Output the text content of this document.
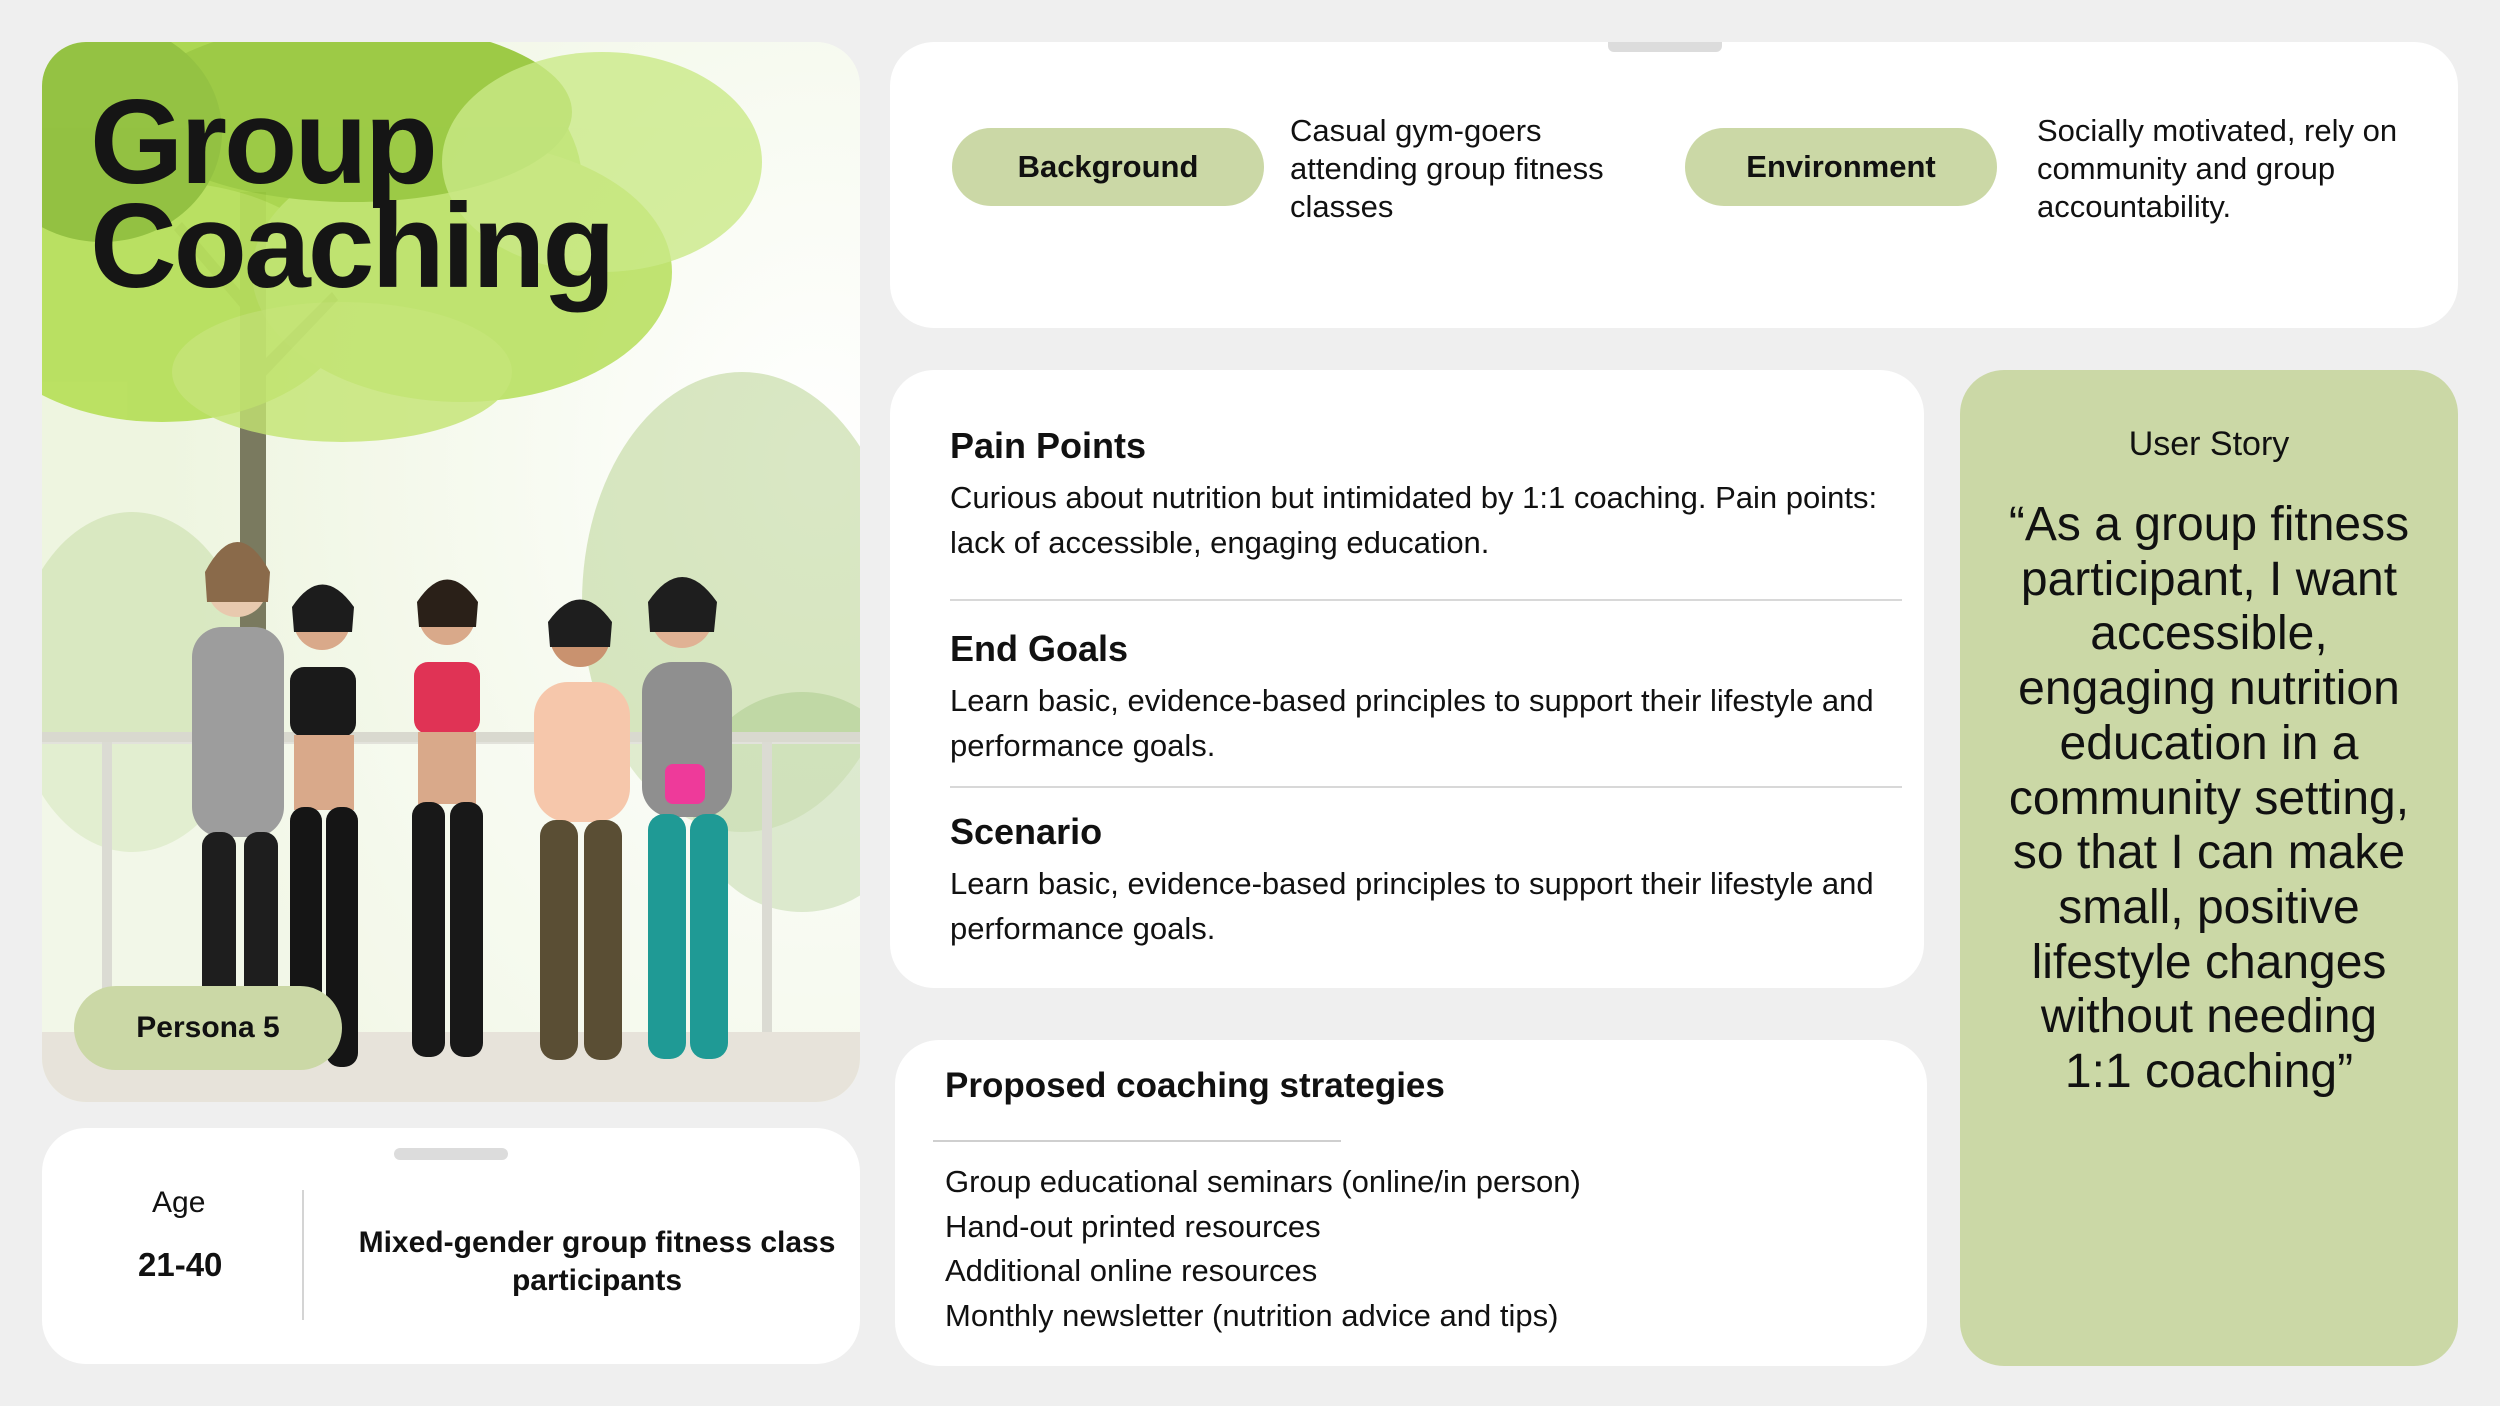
Group
Coaching
Persona 5
Background
Casual gym-goers attending group fitness classes
Environment
Socially motivated, rely on community and group accountability.
Pain Points
Curious about nutrition but intimidated by 1:1 coaching. Pain points: lack of accessible, engaging education.
End Goals
Learn basic, evidence-based principles to support their lifestyle and performance goals.
Scenario
Learn basic, evidence-based principles to support their lifestyle and performance goals.
Proposed coaching strategies
Group educational seminars (online/in person)
Hand-out printed resources
Additional online resources
Monthly newsletter (nutrition advice and tips)
Age
21-40
Mixed-gender group fitness class participants
User Story
“As a group fitness participant, I want accessible, engaging nutrition education in a community setting, so that I can make small, positive lifestyle changes without needing 1:1 coaching”
